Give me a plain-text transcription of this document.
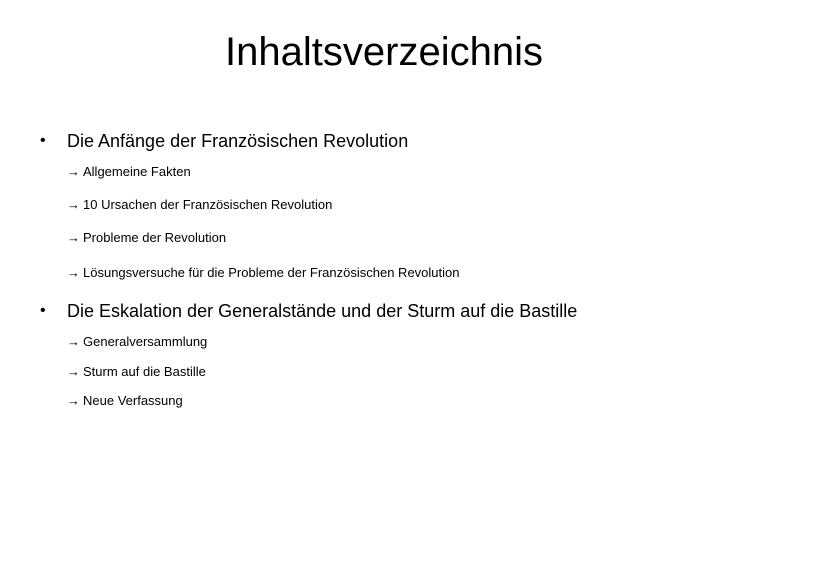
Inhaltsverzeichnis
• Die Anfänge der Französischen Revolution
→ Allgemeine Fakten
→ 10 Ursachen der Französischen Revolution
→ Probleme der Revolution
→ Lösungsversuche für die Probleme der Französischen Revolution
• Die Eskalation der Generalstände und der Sturm auf die Bastille
→ Generalversammlung
→ Sturm auf die Bastille
→ Neue Verfassung
